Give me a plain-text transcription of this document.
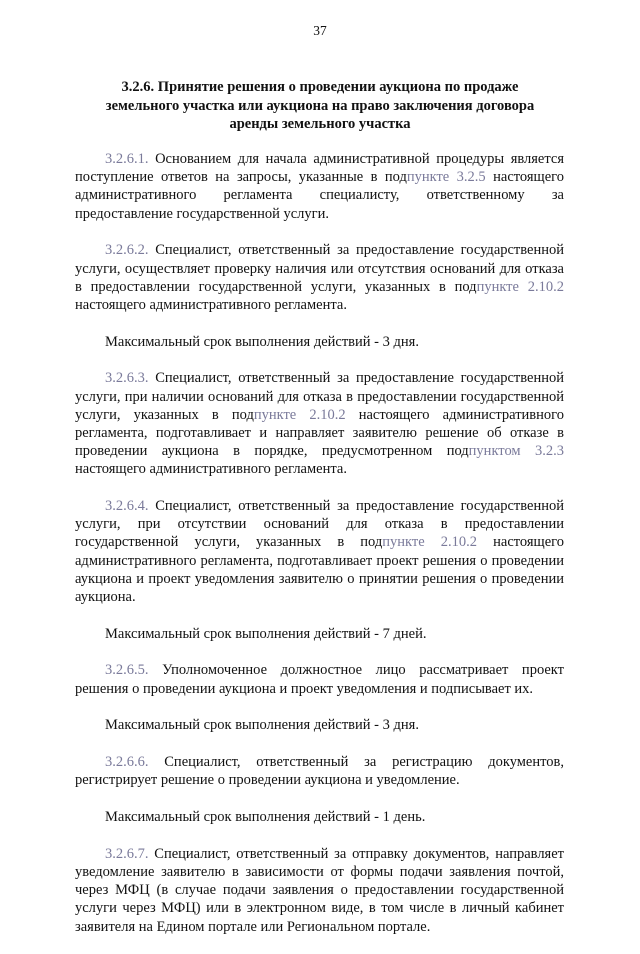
37
3.2.6. Принятие решения о проведении аукциона по продаже земельного участка или аукциона на право заключения договора аренды земельного участка

3.2.6.1. Основанием для начала административной процедуры является поступление ответов на запросы, указанные в подпункте 3.2.5 настоящего административного регламента специалисту, ответственному за предоставление государственной услуги.

3.2.6.2. Специалист, ответственный за предоставление государственной услуги, осуществляет проверку наличия или отсутствия оснований для отказа в предоставлении государственной услуги, указанных в подпункте 2.10.2 настоящего административного регламента.

Максимальный срок выполнения действий - 3 дня.

3.2.6.3. Специалист, ответственный за предоставление государственной услуги, при наличии оснований для отказа в предоставлении государственной услуги, указанных в подпункте 2.10.2 настоящего административного регламента, подготавливает и направляет заявителю решение об отказе в проведении аукциона в порядке, предусмотренном подпунктом 3.2.3 настоящего административного регламента.

3.2.6.4. Специалист, ответственный за предоставление государственной услуги, при отсутствии оснований для отказа в предоставлении государственной услуги, указанных в подпункте 2.10.2 настоящего административного регламента, подготавливает проект решения о проведении аукциона и проект уведомления заявителю о принятии решения о проведении аукциона.

Максимальный срок выполнения действий - 7 дней.

3.2.6.5. Уполномоченное должностное лицо рассматривает проект решения о проведении аукциона и проект уведомления и подписывает их.

Максимальный срок выполнения действий - 3 дня.

3.2.6.6. Специалист, ответственный за регистрацию документов, регистрирует решение о проведении аукциона и уведомление.

Максимальный срок выполнения действий - 1 день.

3.2.6.7. Специалист, ответственный за отправку документов, направляет уведомление заявителю в зависимости от формы подачи заявления почтой, через МФЦ (в случае подачи заявления о предоставлении государственной услуги через МФЦ) или в электронном виде, в том числе в личный кабинет заявителя на Едином портале или Региональном портале.
